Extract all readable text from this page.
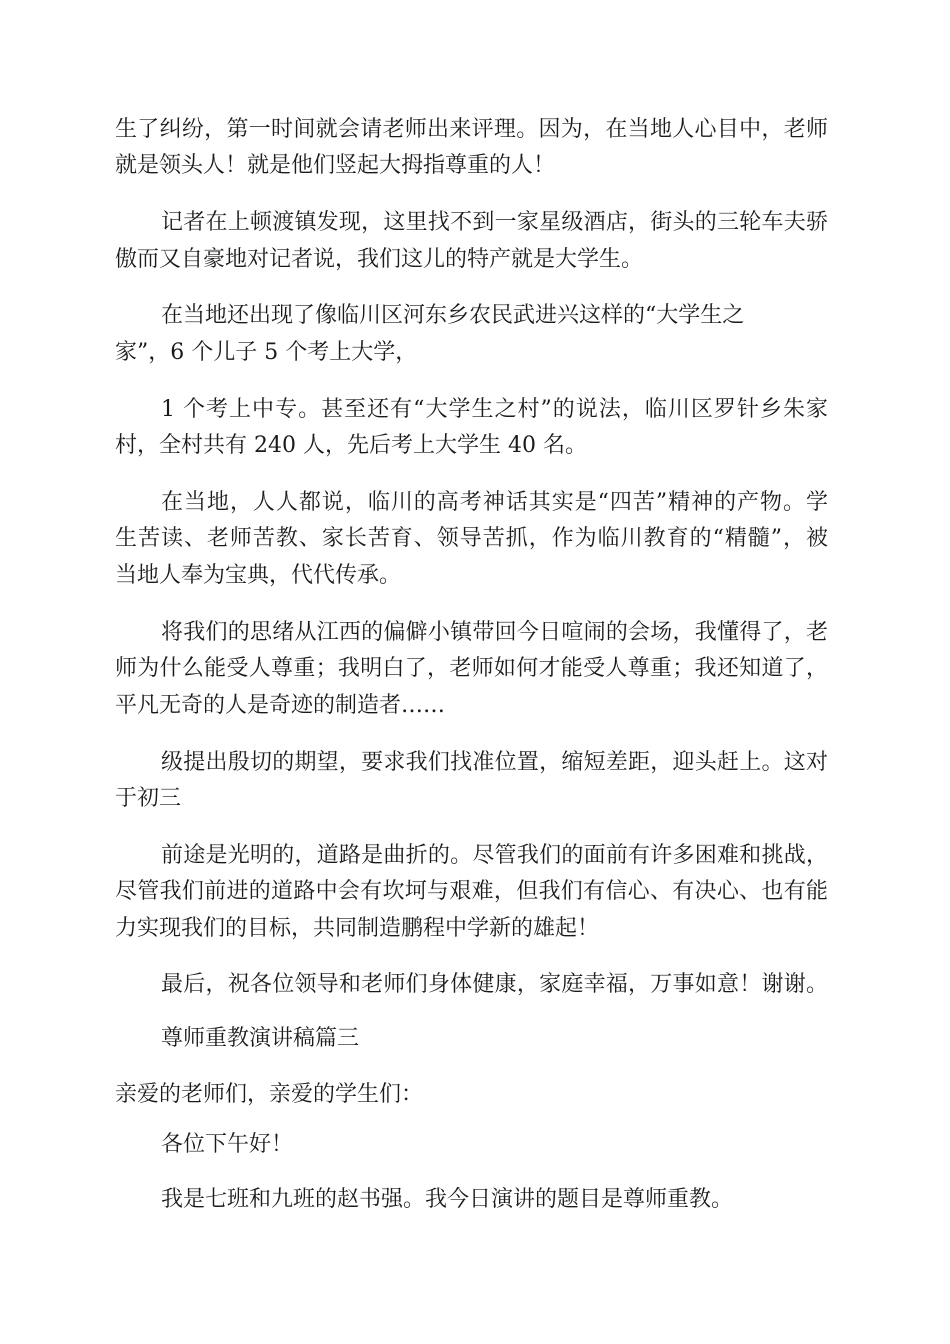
生了纠纷，第一时间就会请老师出来评理。因为，在当地人心目中，老师
就是领头人！就是他们竖起大拇指尊重的人！
记者在上顿渡镇发现，这里找不到一家星级酒店，街头的三轮车夫骄
傲而又自豪地对记者说，我们这儿的特产就是大学生。
在当地还出现了像临川区河东乡农民武进兴这样的“大学生之
家”，6 个儿子 5 个考上大学，
1 个考上中专。甚至还有“大学生之村”的说法，临川区罗针乡朱家
村，全村共有 240 人，先后考上大学生 40 名。
在当地，人人都说，临川的高考神话其实是“四苦”精神的产物。学
生苦读、老师苦教、家长苦育、领导苦抓，作为临川教育的“精髓”，被
当地人奉为宝典，代代传承。
将我们的思绪从江西的偏僻小镇带回今日喧闹的会场，我懂得了，老
师为什么能受人尊重；我明白了，老师如何才能受人尊重；我还知道了，
平凡无奇的人是奇迹的制造者……
级提出殷切的期望，要求我们找准位置，缩短差距，迎头赶上。这对
于初三
前途是光明的，道路是曲折的。尽管我们的面前有许多困难和挑战，
尽管我们前进的道路中会有坎坷与艰难，但我们有信心、有决心、也有能
力实现我们的目标，共同制造鹏程中学新的雄起！
最后，祝各位领导和老师们身体健康，家庭幸福，万事如意！谢谢。
尊师重教演讲稿篇三
亲爱的老师们，亲爱的学生们：
各位下午好！
我是七班和九班的赵书强。我今日演讲的题目是尊师重教。
